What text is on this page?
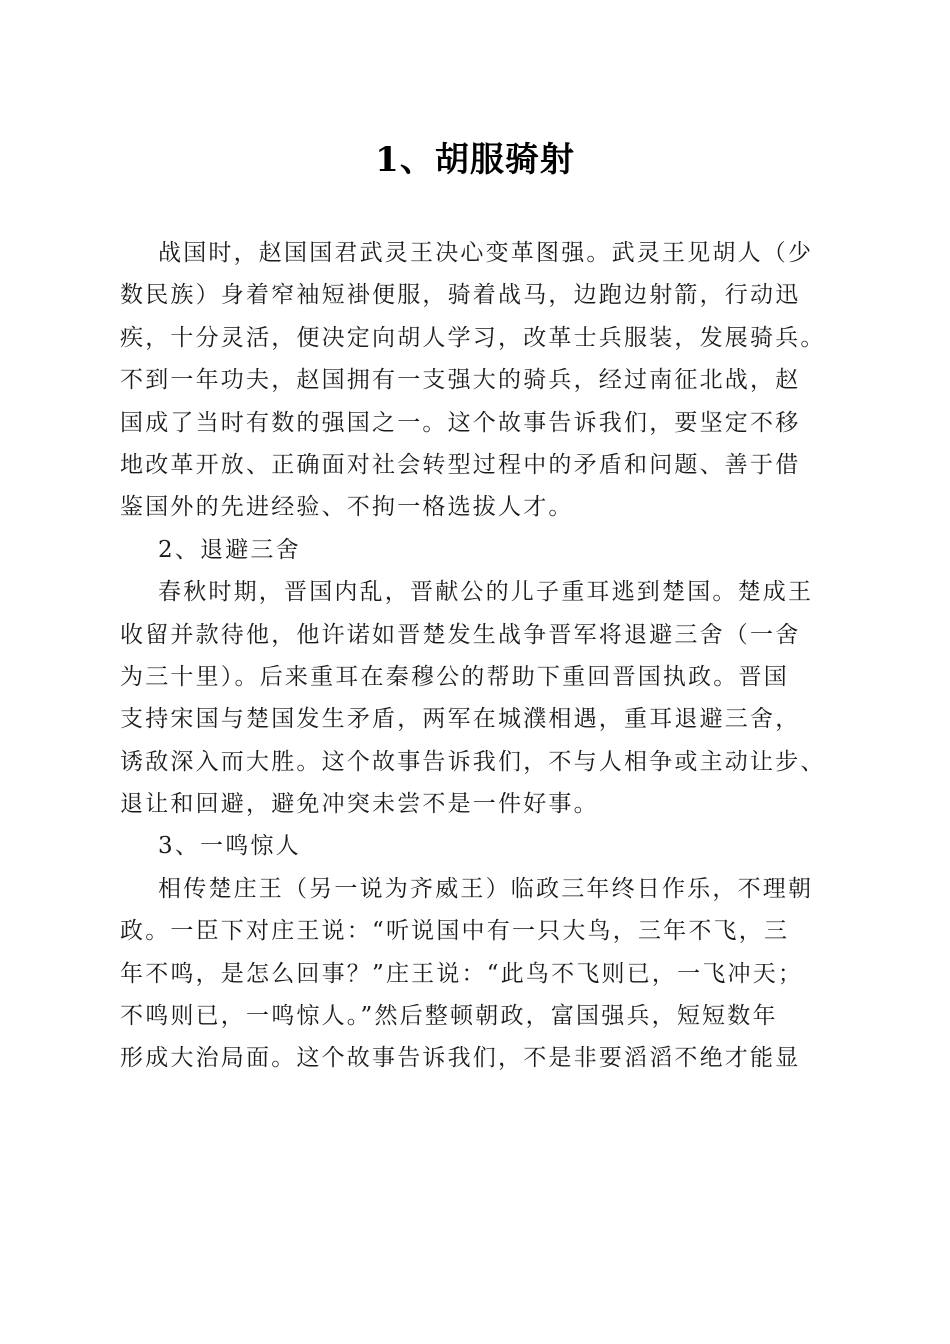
1、胡服骑射
战国时，赵国国君武灵王决心变革图强。武灵王见胡人（少
数民族）身着窄袖短褂便服，骑着战马，边跑边射箭，行动迅
疾，十分灵活，便决定向胡人学习，改革士兵服装，发展骑兵。
不到一年功夫，赵国拥有一支强大的骑兵，经过南征北战，赵
国成了当时有数的强国之一。这个故事告诉我们，要坚定不移
地改革开放、正确面对社会转型过程中的矛盾和问题、善于借
鉴国外的先进经验、不拘一格选拔人才。
2、退避三舍
春秋时期，晋国内乱，晋献公的儿子重耳逃到楚国。楚成王
收留并款待他，他许诺如晋楚发生战争晋军将退避三舍（一舍
为三十里）。后来重耳在秦穆公的帮助下重回晋国执政。晋国
支持宋国与楚国发生矛盾，两军在城濮相遇，重耳退避三舍，
诱敌深入而大胜。这个故事告诉我们，不与人相争或主动让步、
退让和回避，避免冲突未尝不是一件好事。
3、一鸣惊人
相传楚庄王（另一说为齐威王）临政三年终日作乐，不理朝
政。一臣下对庄王说：“听说国中有一只大鸟，三年不飞，三
年不鸣，是怎么回事？”庄王说：“此鸟不飞则已，一飞冲天；
不鸣则已，一鸣惊人。”然后整顿朝政，富国强兵，短短数年
形成大治局面。这个故事告诉我们，不是非要滔滔不绝才能显
